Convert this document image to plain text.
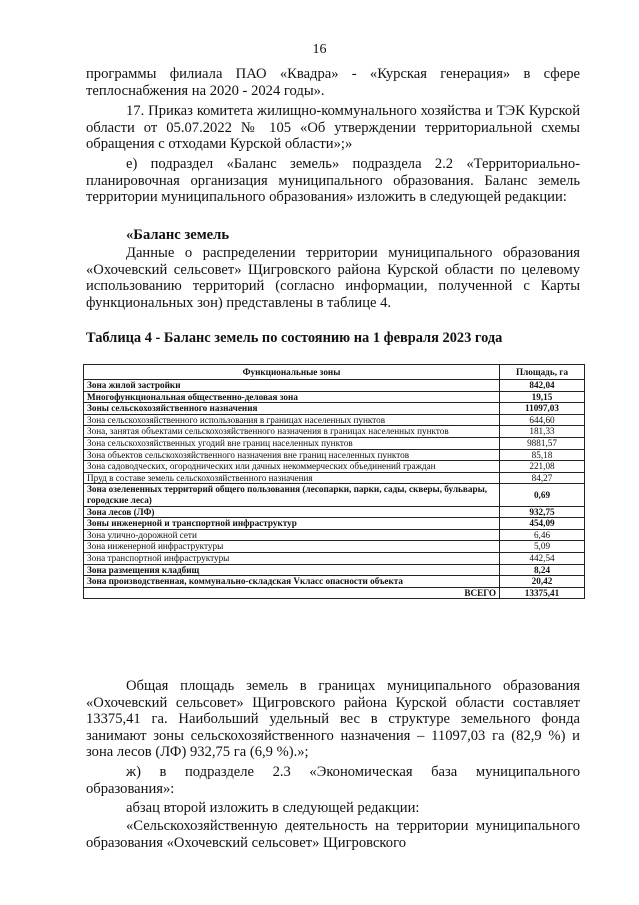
16
программы филиала ПАО «Квадра» - «Курская генерация» в сфере теплоснабжения на 2020 - 2024 годы».
17. Приказ комитета жилищно-коммунального хозяйства и ТЭК Курской области от 05.07.2022 № 105 «Об утверждении территориальной схемы обращения с отходами Курской области»;»
е) подраздел «Баланс земель» подраздела 2.2 «Территориально-планировочная организация муниципального образования. Баланс земель территории муниципального образования» изложить в следующей редакции:
«Баланс земель
Данные о распределении территории муниципального образования «Охочевский сельсовет» Щигровского района Курской области по целевому использованию территорий (согласно информации, полученной с Карты функциональных зон) представлены в таблице 4.
Таблица 4 - Баланс земель по состоянию на 1 февраля 2023 года
Функциональные зоны	Площадь, га
Зона жилой застройки	842,04
Многофункциональная общественно-деловая зона	19,15
Зоны сельскохозяйственного назначения	11097,03
Зона сельскохозяйственного использования в границах населенных пунктов	644,60
Зона, занятая объектами сельскохозяйственного назначения в границах населенных пунктов	181,33
Зона сельскохозяйственных угодий вне границ населенных пунктов	9881,57
Зона объектов сельскохозяйственного назначения вне границ населенных пунктов	85,18
Зона садоводческих, огороднических или дачных некоммерческих объединений граждан	221,08
Пруд в составе земель сельскохозяйственного назначения	84,27
Зона озелененных территорий общего пользования (лесопарки, парки, сады, скверы, бульвары, городские леса)	0,69
Зона лесов (ЛФ)	932,75
Зоны инженерной и транспортной инфраструктур	454,09
Зона улично-дорожной сети	6,46
Зона инженерной инфраструктуры	5,09
Зона транспортной инфраструктуры	442,54
Зона размещения кладбищ	8,24
Зона производственная, коммунально-складская Vкласс опасности объекта	20,42
ВСЕГО	13375,41
Общая площадь земель в границах муниципального образования «Охочевский сельсовет» Щигровского района Курской области составляет 13375,41 га. Наибольший удельный вес в структуре земельного фонда занимают зоны сельскохозяйственного назначения – 11097,03 га (82,9 %) и зона лесов (ЛФ) 932,75 га (6,9 %).»;
ж) в подразделе 2.3 «Экономическая база муниципального образования»:
абзац второй изложить в следующей редакции:
«Сельскохозяйственную деятельность на территории муниципального образования «Охочевский сельсовет» Щигровского
